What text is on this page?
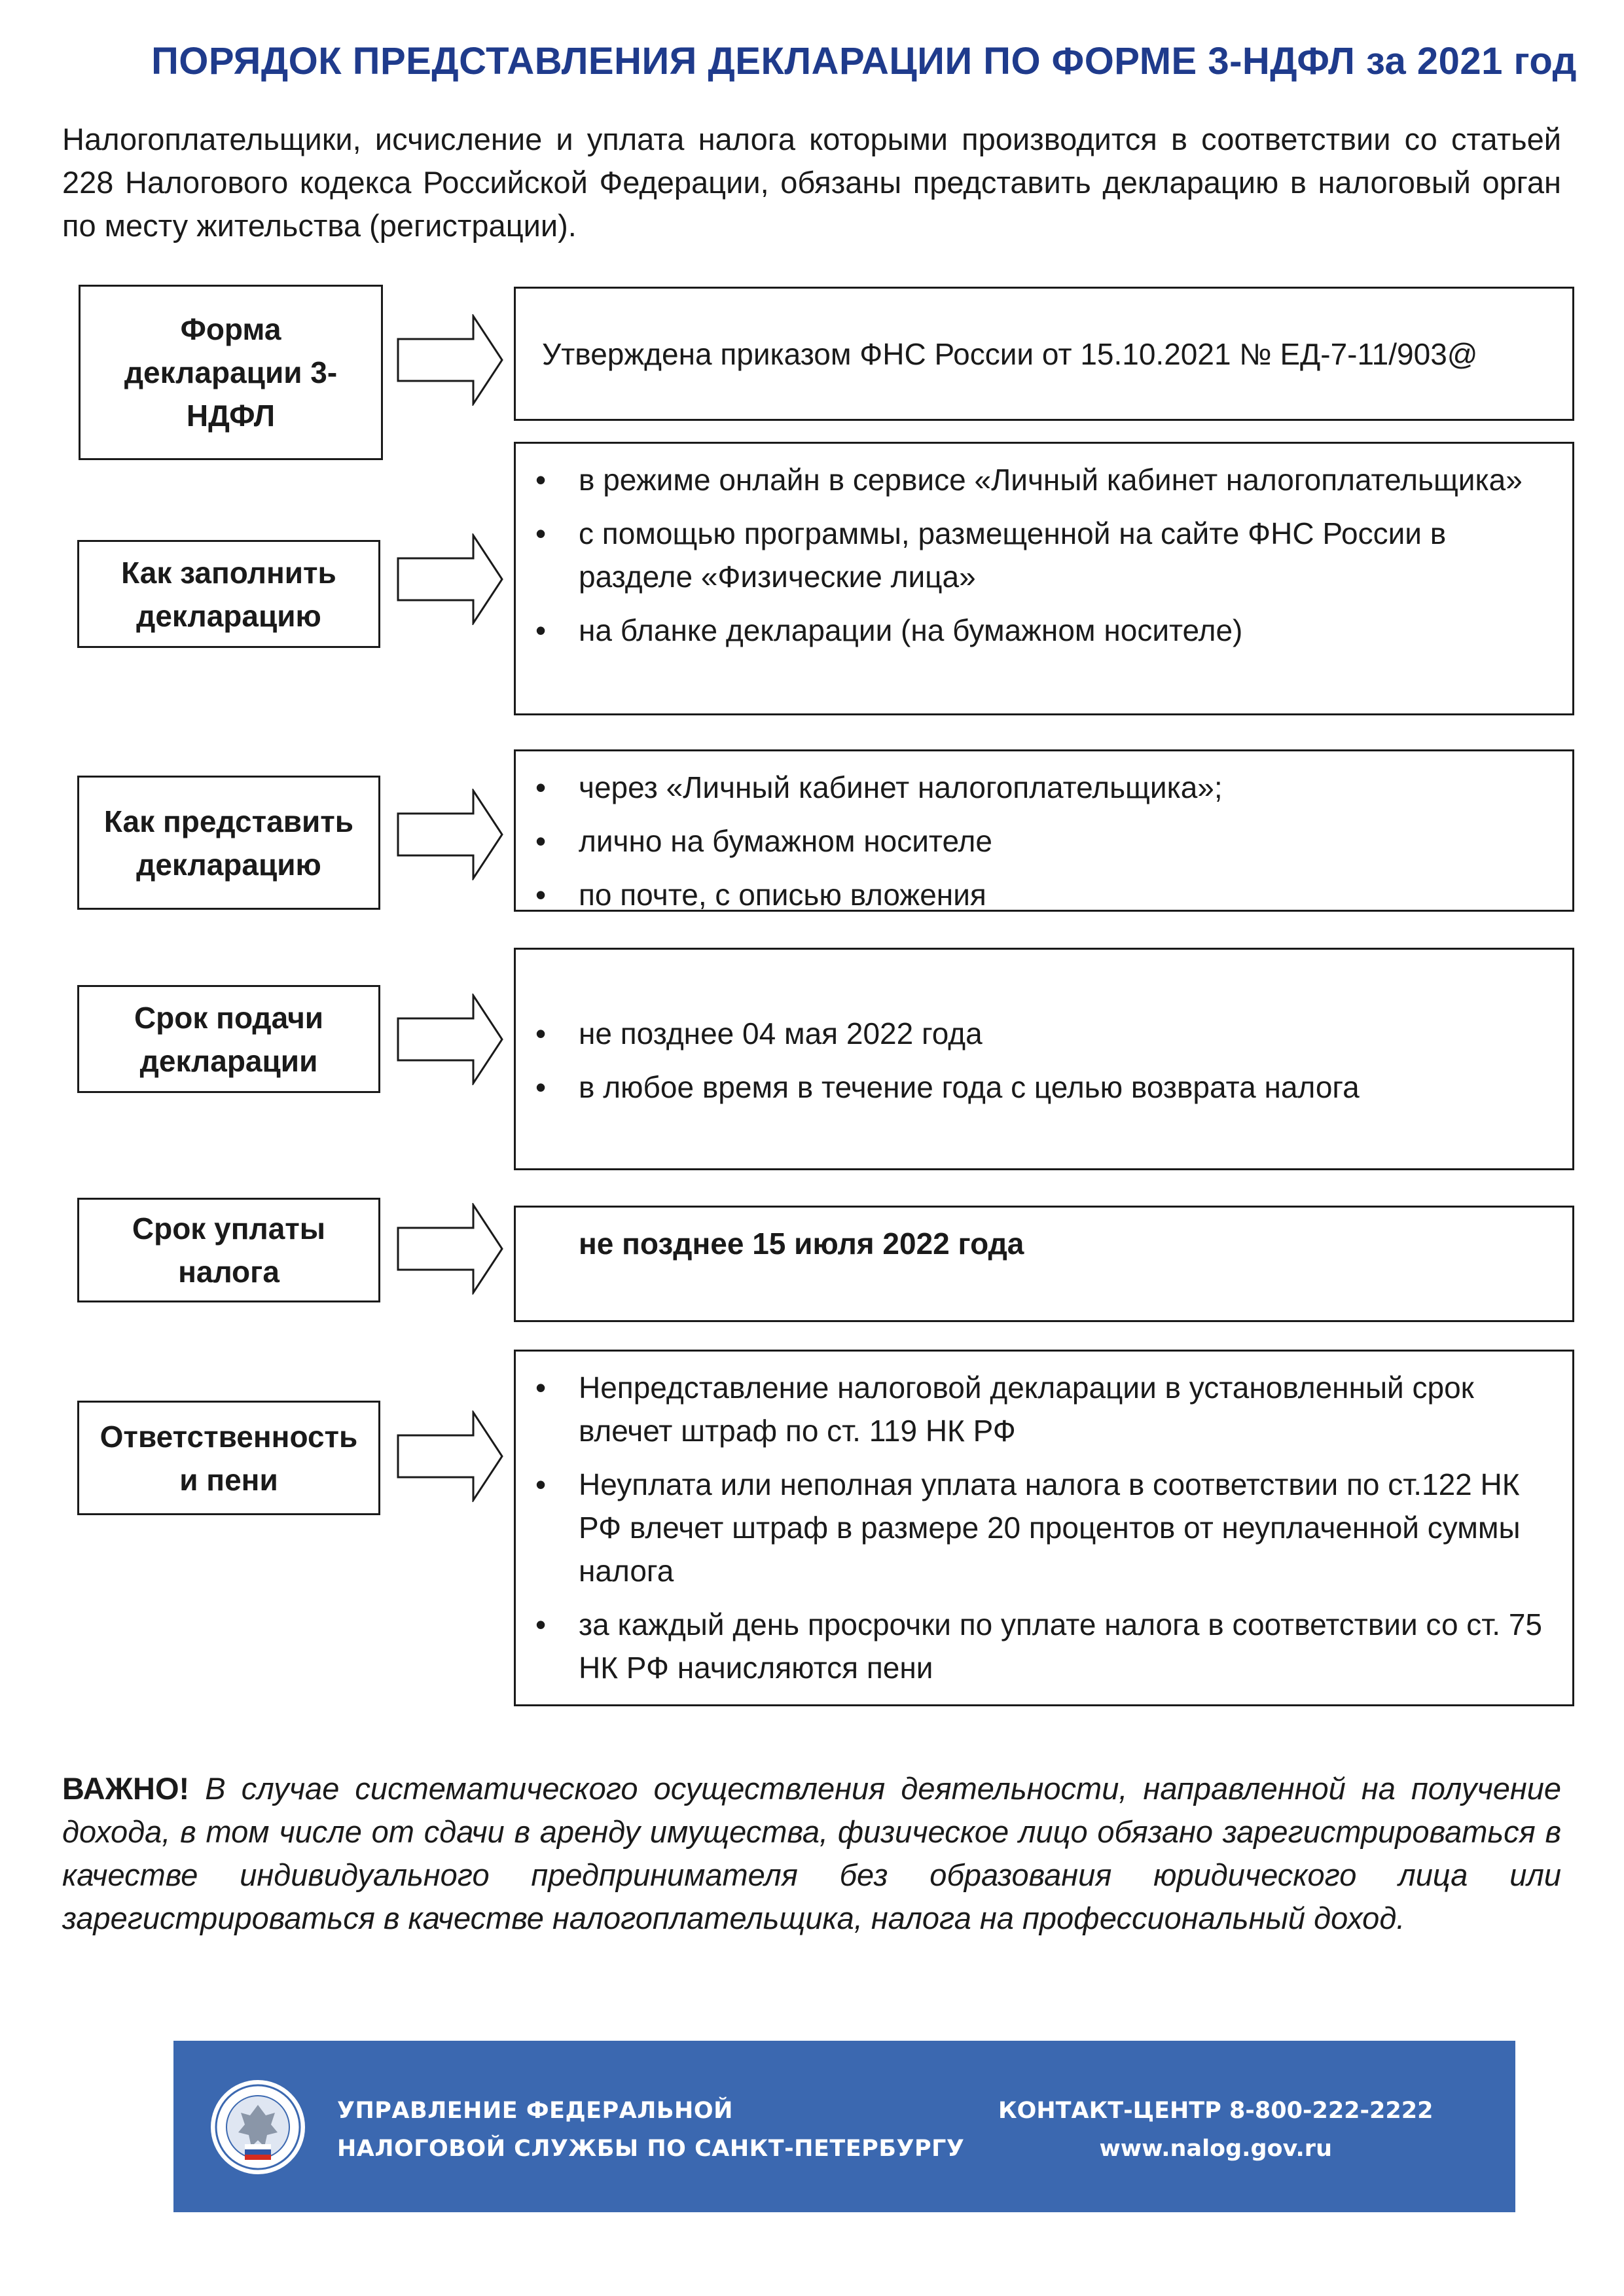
ПОРЯДОК ПРЕДСТАВЛЕНИЯ ДЕКЛАРАЦИИ ПО ФОРМЕ 3-НДФЛ за 2021 год
Налогоплательщики, исчисление и уплата налога которыми производится в соответствии со статьей 228 Налогового кодекса Российской Федерации, обязаны представить декларацию в налоговый орган по месту жительства (регистрации).
Форма декларации 3-НДФЛ
Утверждена приказом ФНС России от 15.10.2021 № ЕД-7-11/903@
Как заполнить декларацию
• в режиме онлайн в сервисе «Личный кабинет налогоплательщика»
• с помощью программы, размещенной на сайте ФНС России в разделе «Физические лица»
• на бланке декларации (на бумажном носителе)
Как представить декларацию
• через «Личный кабинет налогоплательщика»;
• лично на бумажном носителе
• по почте, с описью вложения
Срок подачи декларации
• не позднее 04 мая 2022 года
• в любое время в течение года с целью возврата налога
Срок уплаты налога
не позднее 15 июля 2022 года
Ответственность и пени
• Непредставление налоговой декларации в установленный срок влечет штраф по ст. 119 НК РФ
• Неуплата или неполная уплата налога в соответствии по ст.122 НК РФ влечет штраф в размере 20 процентов от неуплаченной суммы налога
• за каждый день просрочки по уплате налога в соответствии со ст. 75 НК РФ начисляются пени
ВАЖНО! В случае систематического осуществления деятельности, направленной на получение дохода, в том числе от сдачи в аренду имущества, физическое лицо обязано зарегистрироваться в качестве индивидуального предпринимателя без образования юридического лица или зарегистрироваться в качестве налогоплательщика, налога на профессиональный доход.
УПРАВЛЕНИЕ ФЕДЕРАЛЬНОЙ
НАЛОГОВОЙ СЛУЖБЫ ПО САНКТ-ПЕТЕРБУРГУ
КОНТАКТ-ЦЕНТР 8-800-222-2222
www.nalog.gov.ru
